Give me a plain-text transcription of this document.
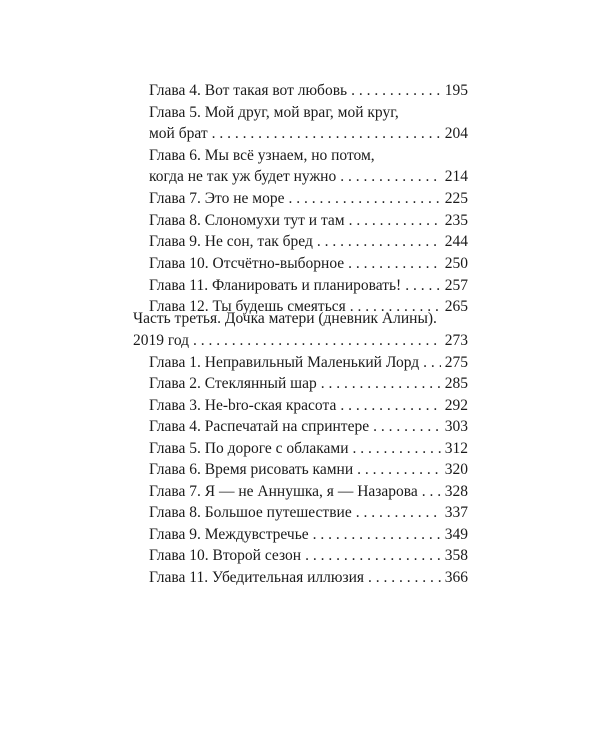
Глава 4. Вот такая вот любовь . . .	195
Глава 5. Мой друг, мой враг, мой круг,
мой брат . . .	204
Глава 6. Мы всё узнаем, но потом,
когда не так уж будет нужно . . .	214
Глава 7. Это не море . . .	225
Глава 8. Слономухи тут и там . . .	235
Глава 9. Не сон, так бред . . .	244
Глава 10. Отсчётно-выборное . . .	250
Глава 11. Фланировать и планировать! . . .	257
Глава 12. Ты будешь смеяться . . .	265
Часть третья. Дочка матери (дневник Алины).
2019 год . . .	273
Глава 1. Неправильный Маленький Лорд . . . 275
Глава 2. Стеклянный шар . . .	285
Глава 3. Не-bro-ская красота . . .	292
Глава 4. Распечатай на спринтере . . .	303
Глава 5. По дороге с облаками . . .	312
Глава 6. Время рисовать камни . . .	320
Глава 7. Я — не Аннушка, я — Назарова . . . 328
Глава 8. Большое путешествие . . .	337
Глава 9. Междувстречье . . .	349
Глава 10. Второй сезон . . .	358
Глава 11. Убедительная иллюзия . . .	366
